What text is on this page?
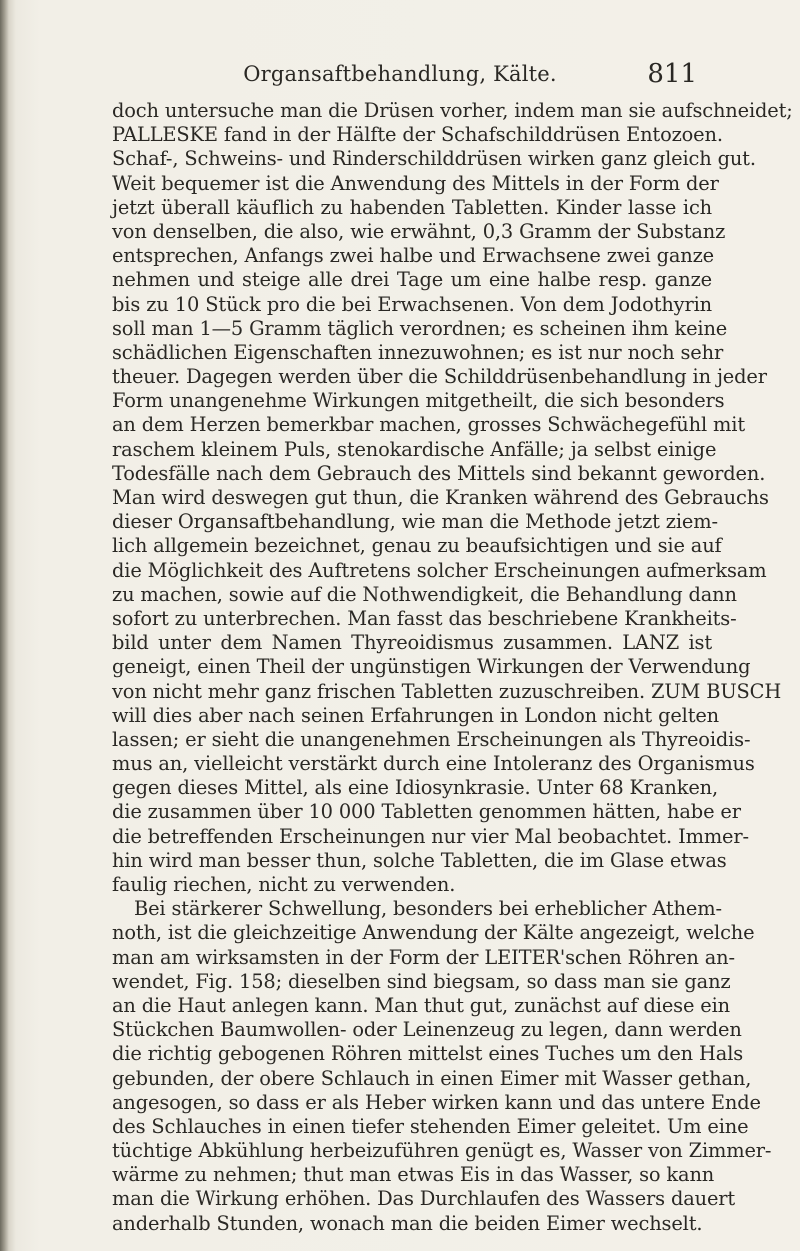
Organsaftbehandlung, Kälte.	811
doch untersuche man die Drüsen vorher, indem man sie aufschneidet;
PALLESKE fand in der Hälfte der Schafschilddrüsen Entozoen.
Schaf-, Schweins- und Rinderschilddrüsen wirken ganz gleich gut.
Weit bequemer ist die Anwendung des Mittels in der Form der
jetzt überall käuflich zu habenden Tabletten. Kinder lasse ich
von denselben, die also, wie erwähnt, 0,3 Gramm der Substanz
entsprechen, Anfangs zwei halbe und Erwachsene zwei ganze
nehmen und steige alle drei Tage um eine halbe resp. ganze
bis zu 10 Stück pro die bei Erwachsenen. Von dem Jodothyrin
soll man 1—5 Gramm täglich verordnen; es scheinen ihm keine
schädlichen Eigenschaften innezuwohnen; es ist nur noch sehr
theuer. Dagegen werden über die Schilddrüsenbehandlung in jeder
Form unangenehme Wirkungen mitgetheilt, die sich besonders
an dem Herzen bemerkbar machen, grosses Schwächegefühl mit
raschem kleinem Puls, stenokardische Anfälle; ja selbst einige
Todesfälle nach dem Gebrauch des Mittels sind bekannt geworden.
Man wird deswegen gut thun, die Kranken während des Gebrauchs
dieser Organsaftbehandlung, wie man die Methode jetzt ziem-
lich allgemein bezeichnet, genau zu beaufsichtigen und sie auf
die Möglichkeit des Auftretens solcher Erscheinungen aufmerksam
zu machen, sowie auf die Nothwendigkeit, die Behandlung dann
sofort zu unterbrechen. Man fasst das beschriebene Krankheits-
bild unter dem Namen Thyreoidismus zusammen. LANZ ist
geneigt, einen Theil der ungünstigen Wirkungen der Verwendung
von nicht mehr ganz frischen Tabletten zuzuschreiben. ZUM BUSCH
will dies aber nach seinen Erfahrungen in London nicht gelten
lassen; er sieht die unangenehmen Erscheinungen als Thyreoidis-
mus an, vielleicht verstärkt durch eine Intoleranz des Organismus
gegen dieses Mittel, als eine Idiosynkrasie. Unter 68 Kranken,
die zusammen über 10 000 Tabletten genommen hätten, habe er
die betreffenden Erscheinungen nur vier Mal beobachtet. Immer-
hin wird man besser thun, solche Tabletten, die im Glase etwas
faulig riechen, nicht zu verwenden.
Bei stärkerer Schwellung, besonders bei erheblicher Athem-
noth, ist die gleichzeitige Anwendung der Kälte angezeigt, welche
man am wirksamsten in der Form der LEITER'schen Röhren an-
wendet, Fig. 158; dieselben sind biegsam, so dass man sie ganz
an die Haut anlegen kann. Man thut gut, zunächst auf diese ein
Stückchen Baumwollen- oder Leinenzeug zu legen, dann werden
die richtig gebogenen Röhren mittelst eines Tuches um den Hals
gebunden, der obere Schlauch in einen Eimer mit Wasser gethan,
angesogen, so dass er als Heber wirken kann und das untere Ende
des Schlauches in einen tiefer stehenden Eimer geleitet. Um eine
tüchtige Abkühlung herbeizuführen genügt es, Wasser von Zimmer-
wärme zu nehmen; thut man etwas Eis in das Wasser, so kann
man die Wirkung erhöhen. Das Durchlaufen des Wassers dauert
anderhalb Stunden, wonach man die beiden Eimer wechselt.
